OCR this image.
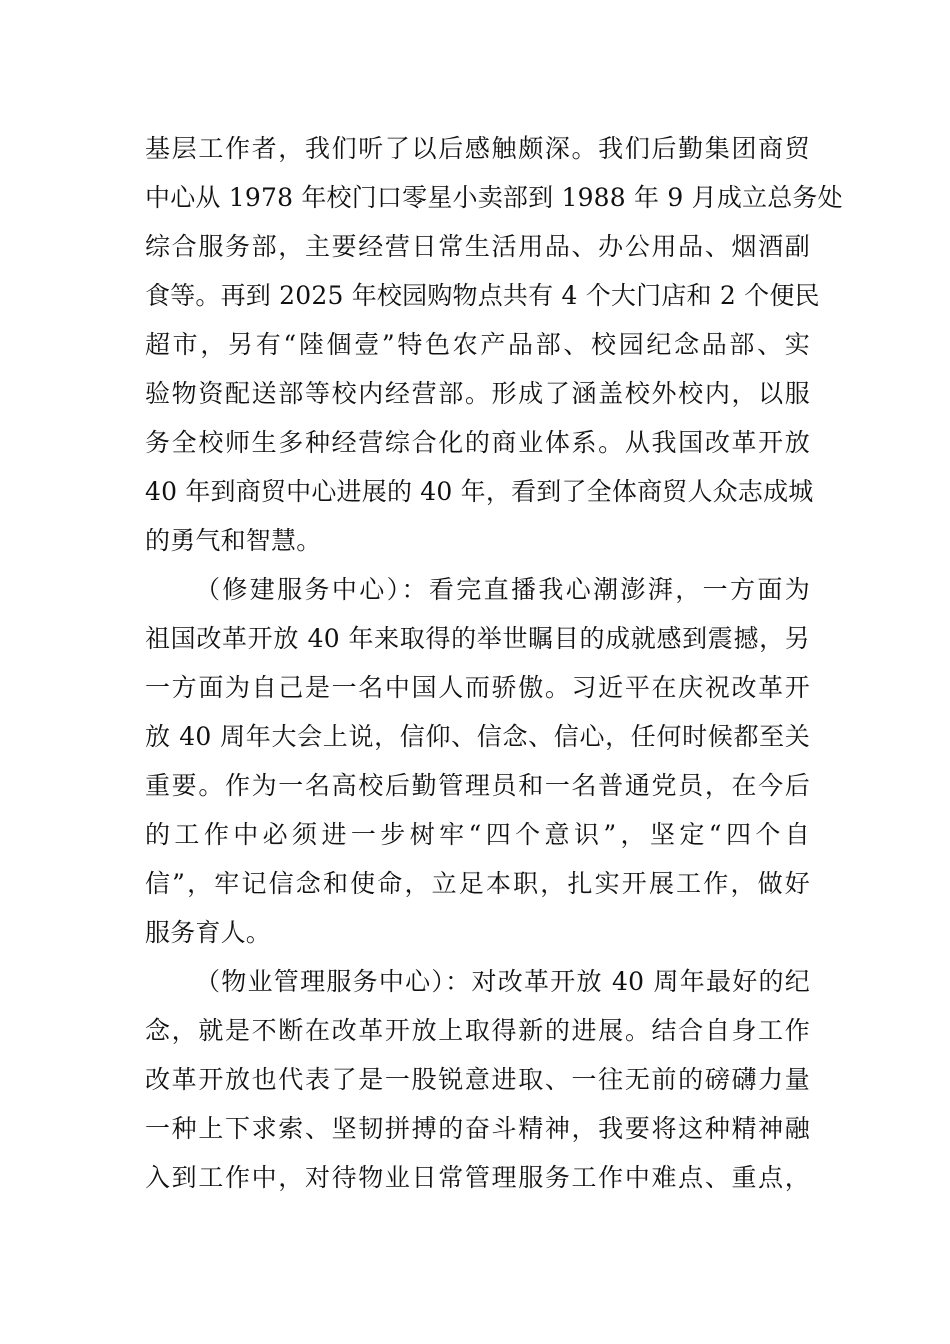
基层工作者，我们听了以后感触颇深。我们后勤集团商贸
中心从 1978 年校门口零星小卖部到 1988 年 9 月成立总务处
综合服务部，主要经营日常生活用品、办公用品、烟酒副
食等。再到 2025 年校园购物点共有 4 个大门店和 2 个便民
超市，另有“陸個壹”特色农产品部、校园纪念品部、实
验物资配送部等校内经营部。形成了涵盖校外校内，以服
务全校师生多种经营综合化的商业体系。从我国改革开放
40 年到商贸中心进展的 40 年，看到了全体商贸人众志成城
的勇气和智慧。
（修建服务中心）：看完直播我心潮澎湃，一方面为
祖国改革开放 40 年来取得的举世瞩目的成就感到震撼，另
一方面为自己是一名中国人而骄傲。习近平在庆祝改革开
放 40 周年大会上说，信仰、信念、信心，任何时候都至关
重要。作为一名高校后勤管理员和一名普通党员，在今后
的工作中必须进一步树牢“四个意识”，坚定“四个自
信”，牢记信念和使命，立足本职，扎实开展工作，做好
服务育人。
（物业管理服务中心）：对改革开放 40 周年最好的纪
念，就是不断在改革开放上取得新的进展。结合自身工作
改革开放也代表了是一股锐意进取、一往无前的磅礴力量
一种上下求索、坚韧拼搏的奋斗精神，我要将这种精神融
入到工作中，对待物业日常管理服务工作中难点、重点，
